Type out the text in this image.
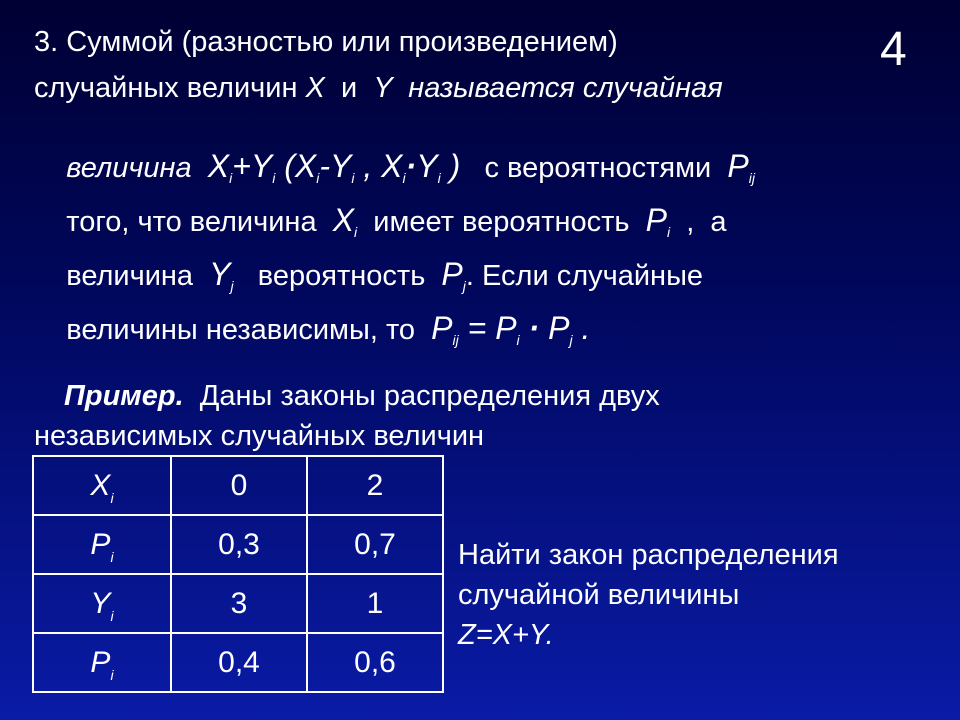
4
3. Суммой (разностью или произведением)
случайных величин X  и  Y  называется случайная

величина  $X_i+Y_i$ ($X_i-Y_i$ , $X_i\cdot Y_i$ )   с вероятностями  $P_{ij}$

того, что величина  $X_i$  имеет вероятность  $P_i$  ,  а

величина  $Y_j$   вероятность  $P_j$. Если случайные

величины независимы, то  $P_{ij} = P_i \cdot P_j$ .

Пример.  Даны законы распределения двух
независимых случайных величин
$X_i$	0	2
$P_i$	0,3	0,7
$Y_i$	3	1
$P_i$	0,4	0,6
Найти закон распределения
случайной величины
Z=X+Y.
